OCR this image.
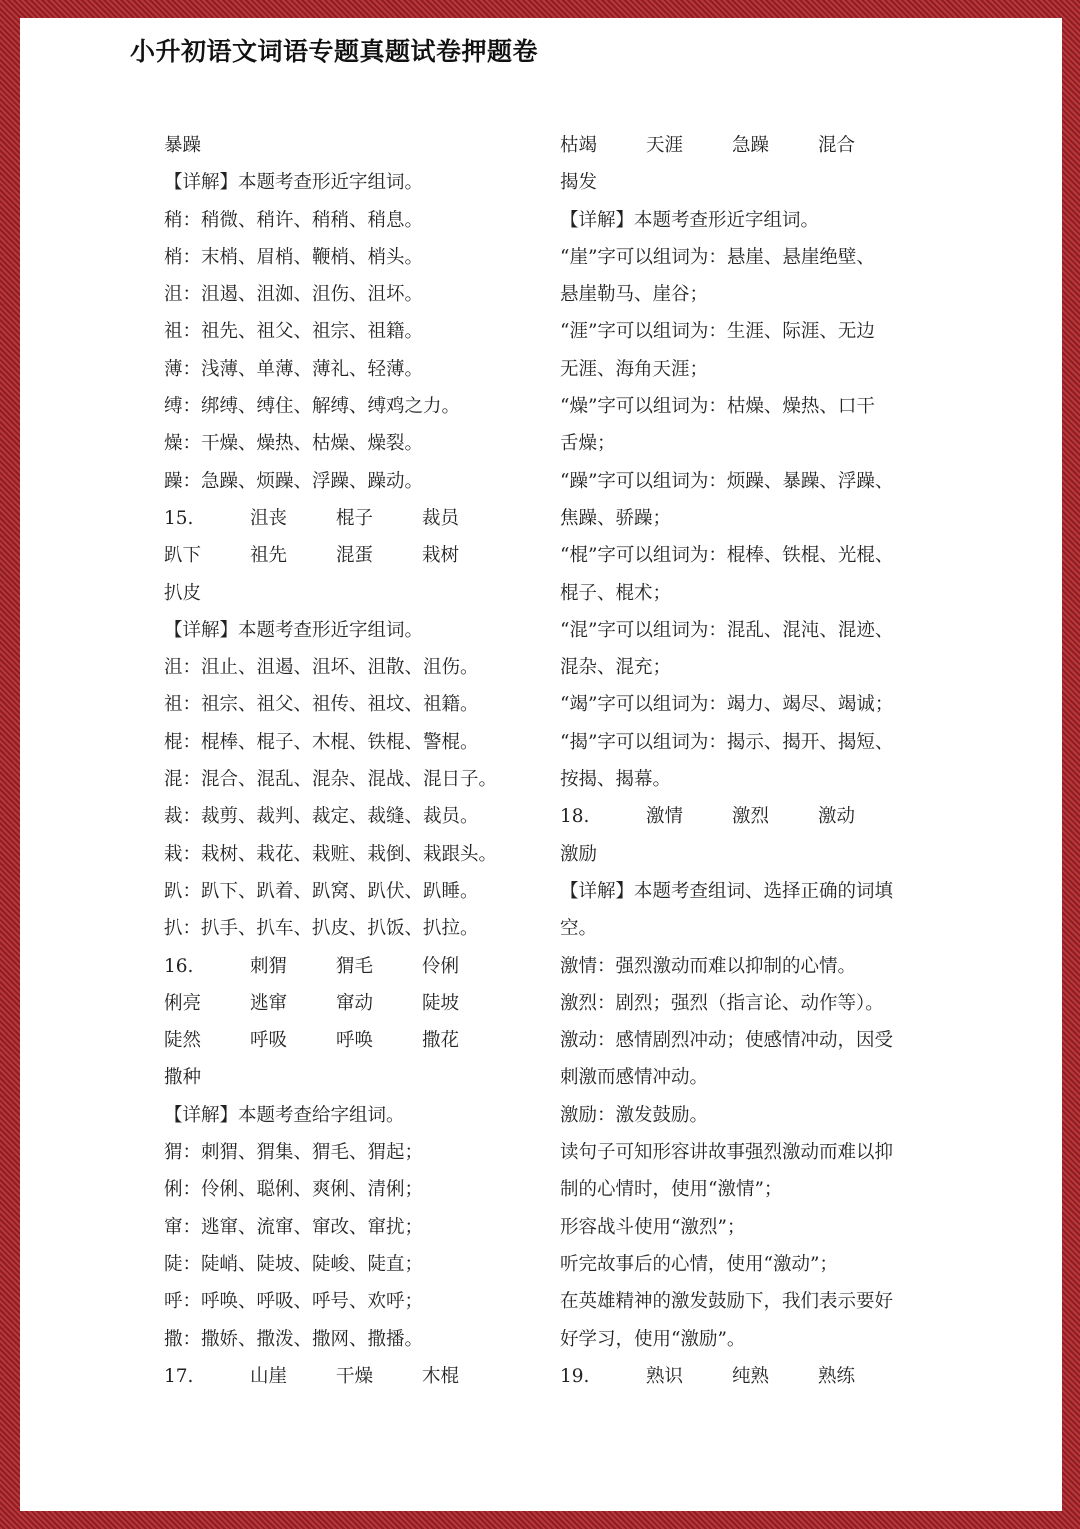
小升初语文词语专题真题试卷押题卷
暴躁
【详解】本题考查形近字组词。
稍：稍微、稍许、稍稍、稍息。
梢：末梢、眉梢、鞭梢、梢头。
沮：沮遏、沮洳、沮伤、沮坏。
祖：祖先、祖父、祖宗、祖籍。
薄：浅薄、单薄、薄礼、轻薄。
缚：绑缚、缚住、解缚、缚鸡之力。
燥：干燥、燥热、枯燥、燥裂。
躁：急躁、烦躁、浮躁、躁动。
15.	沮丧	棍子	裁员
趴下	祖先	混蛋	栽树
扒皮
【详解】本题考查形近字组词。
沮：沮止、沮遏、沮坏、沮散、沮伤。
祖：祖宗、祖父、祖传、祖坟、祖籍。
棍：棍棒、棍子、木棍、铁棍、警棍。
混：混合、混乱、混杂、混战、混日子。
裁：裁剪、裁判、裁定、裁缝、裁员。
栽：栽树、栽花、栽赃、栽倒、栽跟头。
趴：趴下、趴着、趴窝、趴伏、趴睡。
扒：扒手、扒车、扒皮、扒饭、扒拉。
16.	刺猬	猬毛	伶俐
俐亮	逃窜	窜动	陡坡
陡然	呼吸	呼唤	撒花
撒种
【详解】本题考查给字组词。
猬：刺猬、猬集、猬毛、猬起；
俐：伶俐、聪俐、爽俐、清俐；
窜：逃窜、流窜、窜改、窜扰；
陡：陡峭、陡坡、陡峻、陡直；
呼：呼唤、呼吸、呼号、欢呼；
撒：撒娇、撒泼、撒网、撒播。
17.	山崖	干燥	木棍
枯竭	天涯	急躁	混合
揭发
【详解】本题考查形近字组词。
“崖”字可以组词为：悬崖、悬崖绝壁、
悬崖勒马、崖谷；
“涯”字可以组词为：生涯、际涯、无边
无涯、海角天涯；
“燥”字可以组词为：枯燥、燥热、口干
舌燥；
“躁”字可以组词为：烦躁、暴躁、浮躁、
焦躁、骄躁；
“棍”字可以组词为：棍棒、铁棍、光棍、
棍子、棍术；
“混”字可以组词为：混乱、混沌、混迹、
混杂、混充；
“竭”字可以组词为：竭力、竭尽、竭诚；
“揭”字可以组词为：揭示、揭开、揭短、
按揭、揭幕。
18.	激情	激烈	激动
激励
【详解】本题考查组词、选择正确的词填
空。
激情：强烈激动而难以抑制的心情。
激烈：剧烈；强烈（指言论、动作等）。
激动：感情剧烈冲动；使感情冲动，因受
刺激而感情冲动。
激励：激发鼓励。
读句子可知形容讲故事强烈激动而难以抑
制的心情时，使用“激情”；
形容战斗使用“激烈”；
听完故事后的心情，使用“激动”；
在英雄精神的激发鼓励下，我们表示要好
好学习，使用“激励”。
19.	熟识	纯熟	熟练
